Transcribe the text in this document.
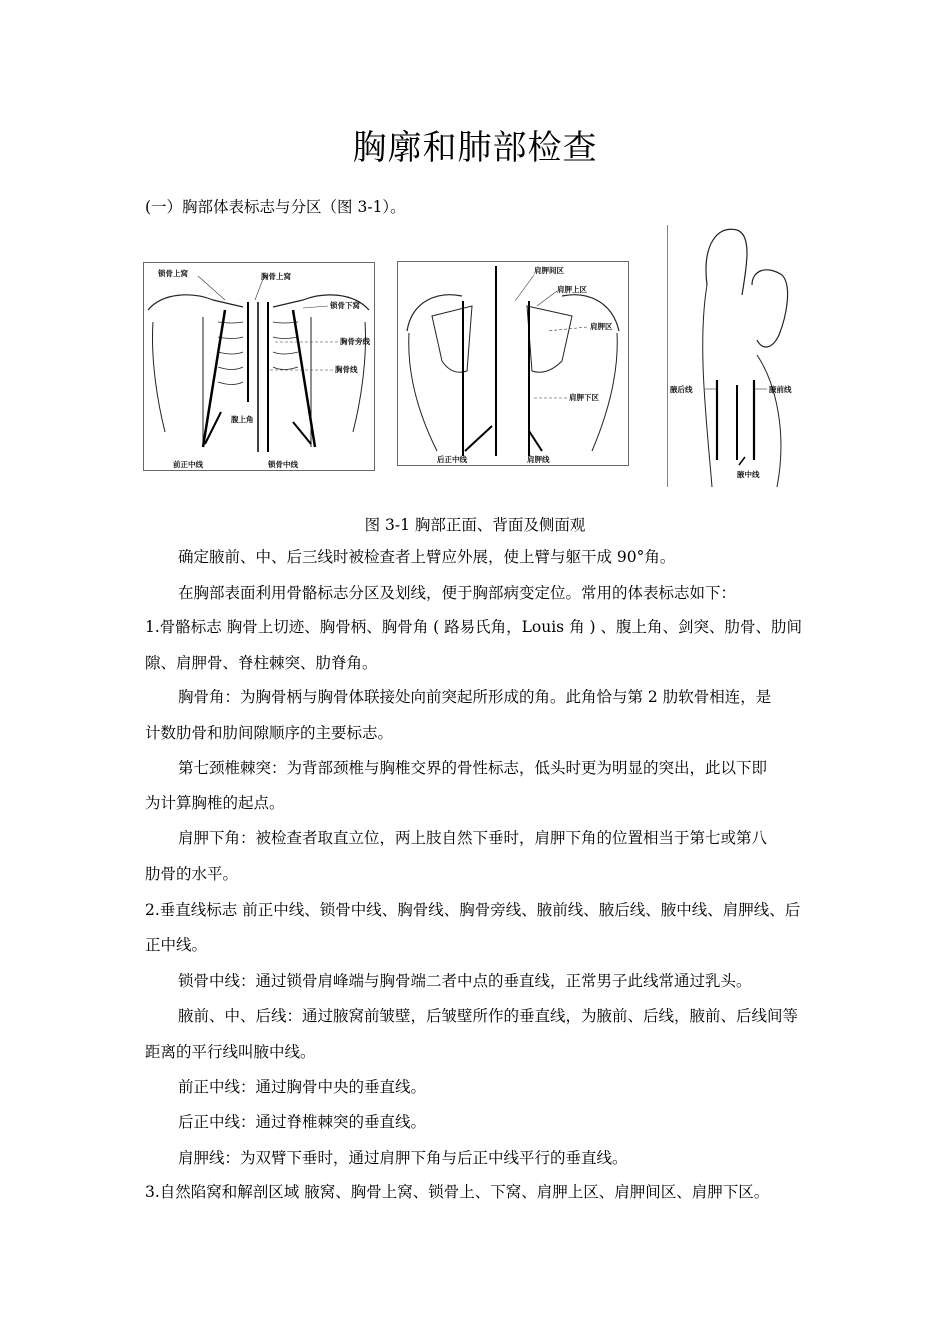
胸廓和肺部检查
(一）胸部体表标志与分区（图 3-1）。
锁骨上窝	胸骨上窝
锁骨下窝
胸骨旁线
胸骨线
腹上角
前正中线	锁骨中线
肩胛间区
肩胛上区
肩胛区
肩胛下区
后正中线	肩胛线
腋后线	腋前线
腋中线
图 3-1 胸部正面、背面及侧面观
确定腋前、中、后三线时被检查者上臂应外展，使上臂与躯干成 90°角。
在胸部表面利用骨骼标志分区及划线，便于胸部病变定位。常用的体表标志如下：
1.骨骼标志 胸骨上切迹、胸骨柄、胸骨角 ( 路易氏角，Louis 角 ) 、腹上角、剑突、肋骨、肋间
隙、肩胛骨、脊柱棘突、肋脊角。
胸骨角：为胸骨柄与胸骨体联接处向前突起所形成的角。此角恰与第 2 肋软骨相连，是
计数肋骨和肋间隙顺序的主要标志。
第七颈椎棘突：为背部颈椎与胸椎交界的骨性标志，低头时更为明显的突出，此以下即
为计算胸椎的起点。
肩胛下角：被检查者取直立位，两上肢自然下垂时，肩胛下角的位置相当于第七或第八
肋骨的水平。
2.垂直线标志 前正中线、锁骨中线、胸骨线、胸骨旁线、腋前线、腋后线、腋中线、肩胛线、后
正中线。
锁骨中线：通过锁骨肩峰端与胸骨端二者中点的垂直线，正常男子此线常通过乳头。
腋前、中、后线：通过腋窝前皱壁，后皱壁所作的垂直线，为腋前、后线，腋前、后线间等
距离的平行线叫腋中线。
前正中线：通过胸骨中央的垂直线。
后正中线：通过脊椎棘突的垂直线。
肩胛线：为双臂下垂时，通过肩胛下角与后正中线平行的垂直线。
3.自然陷窝和解剖区域 腋窝、胸骨上窝、锁骨上、下窝、肩胛上区、肩胛间区、肩胛下区。
